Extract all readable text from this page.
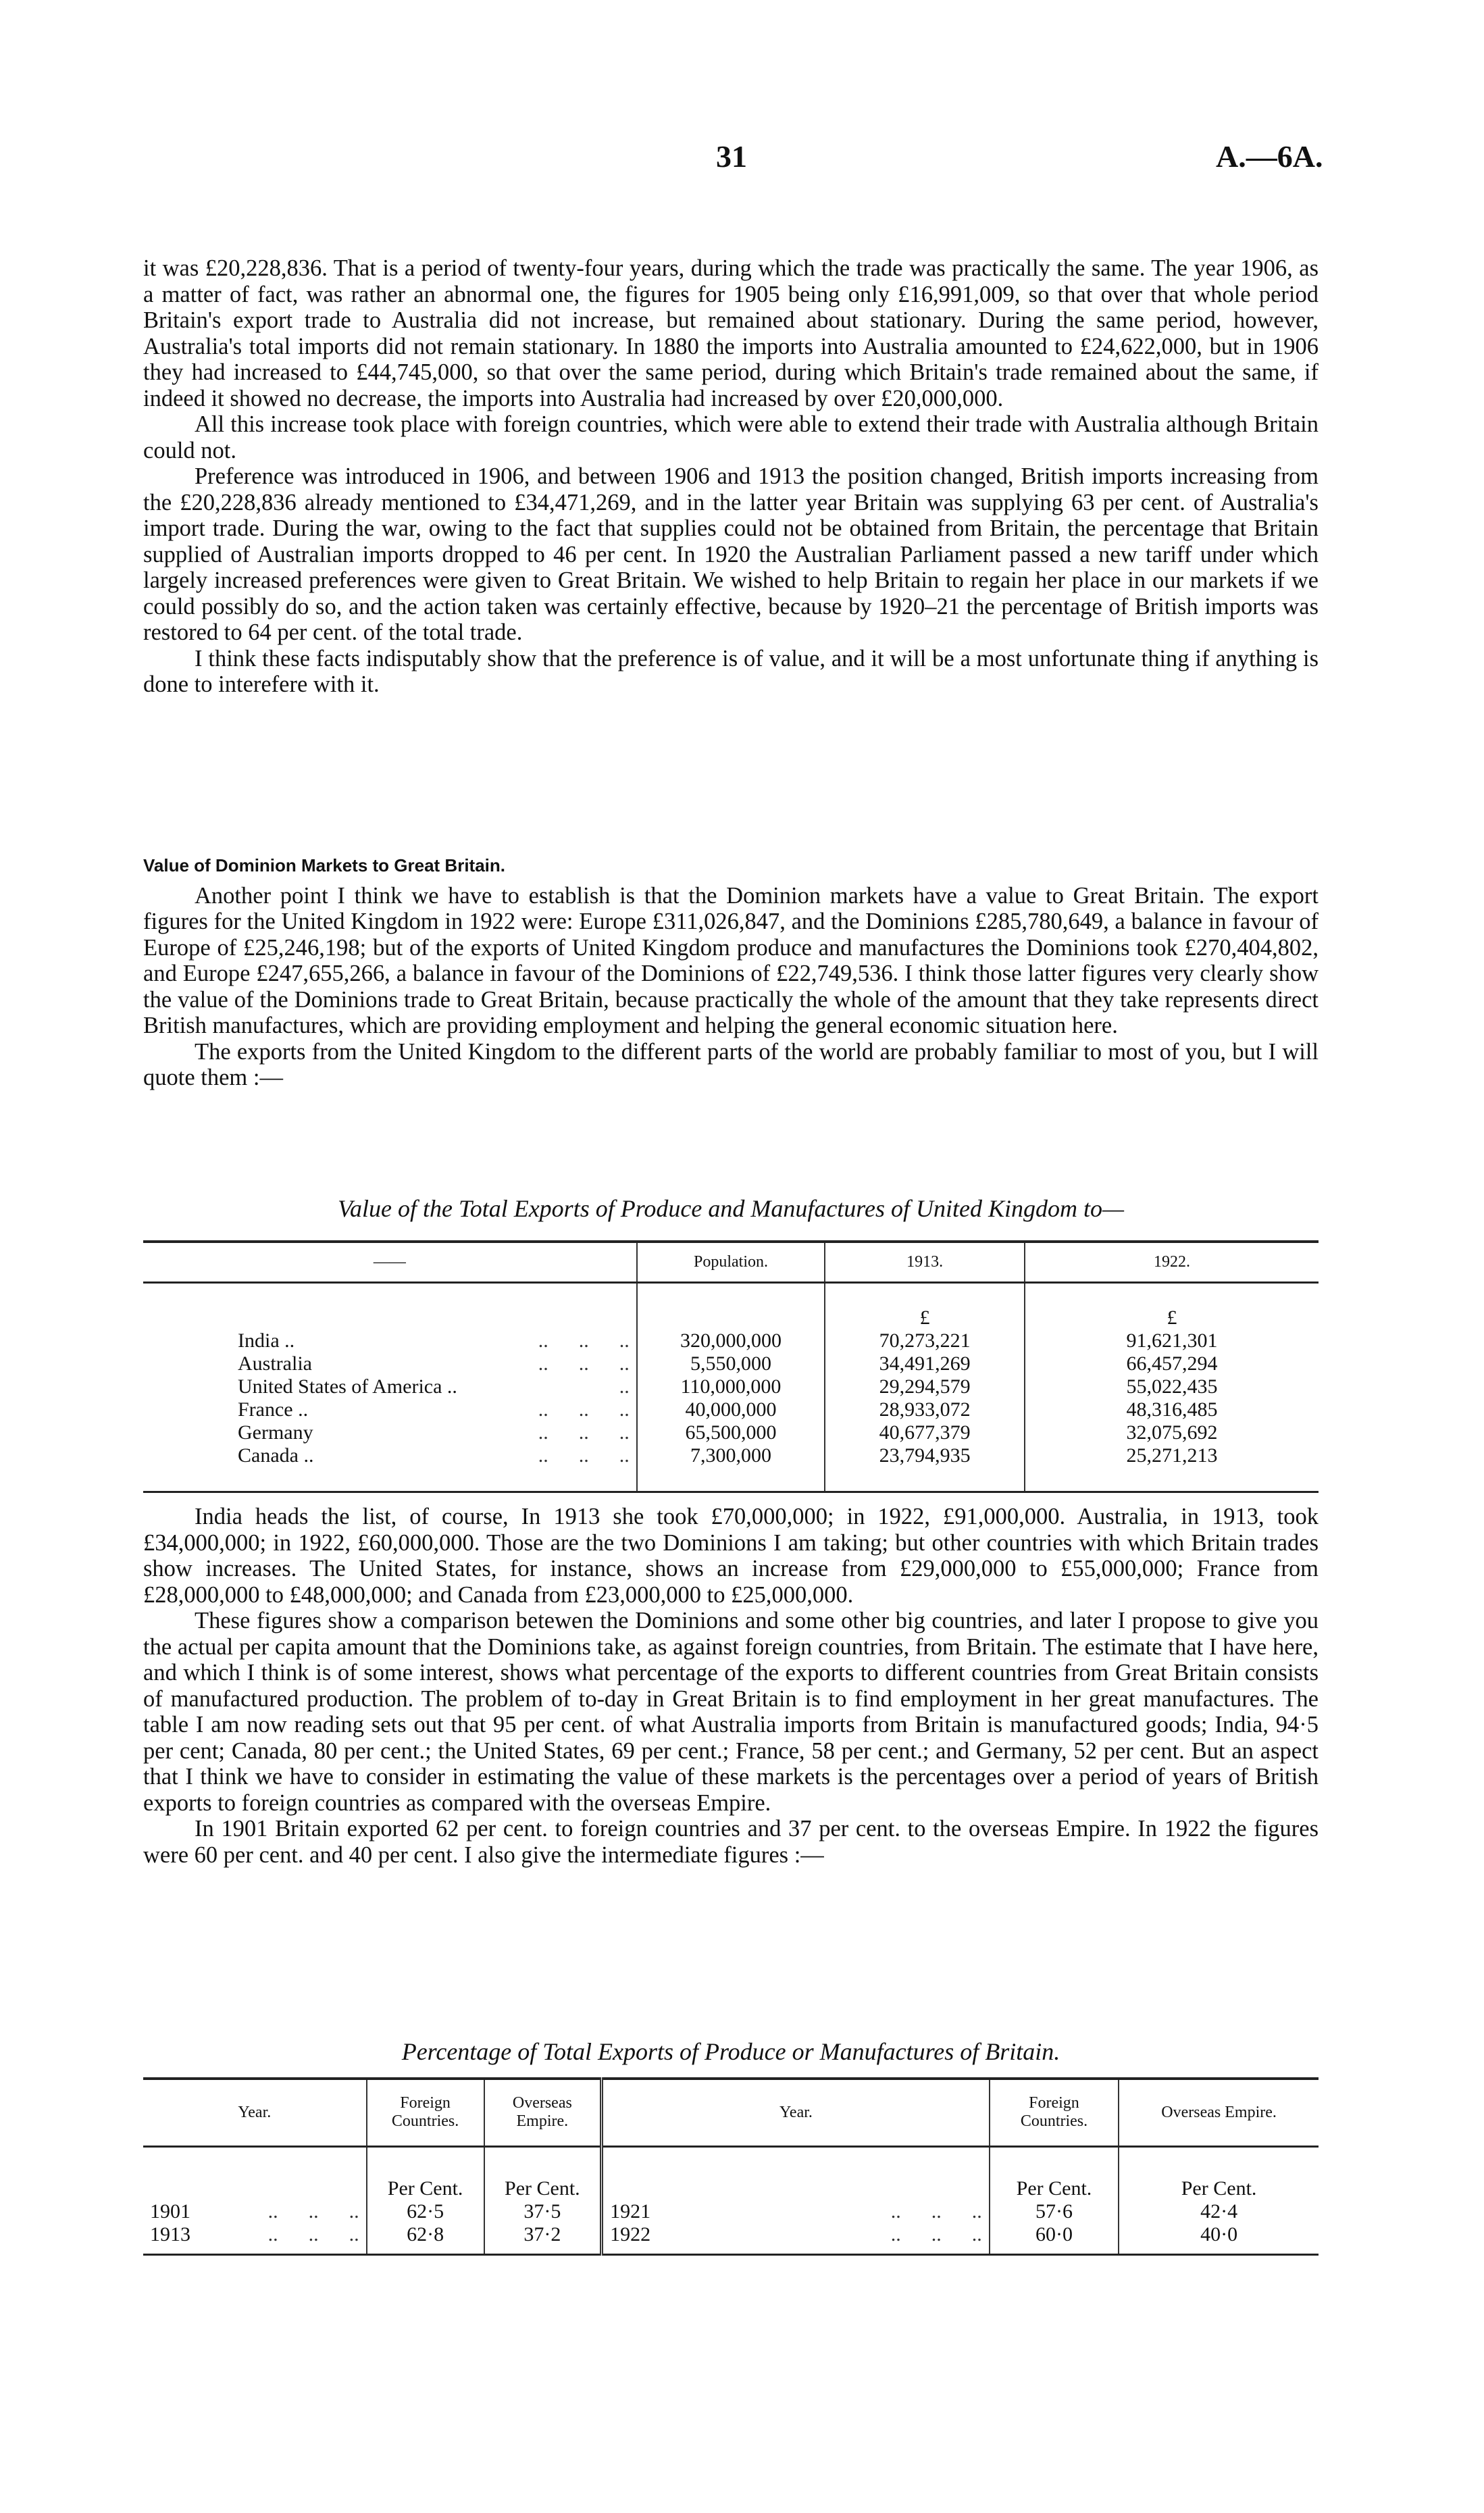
31	A.—6A.

it was £20,228,836. That is a period of twenty-four years, during which the trade was practically the same. The year 1906, as a matter of fact, was rather an abnormal one, the figures for 1905 being only £16,991,009, so that over that whole period Britain's export trade to Australia did not increase, but remained about stationary. During the same period, however, Australia's total imports did not remain stationary. In 1880 the imports into Australia amounted to £24,622,000, but in 1906 they had increased to £44,745,000, so that over the same period, during which Britain's trade remained about the same, if indeed it showed no decrease, the imports into Australia had increased by over £20,000,000.

All this increase took place with foreign countries, which were able to extend their trade with Australia although Britain could not.

Preference was introduced in 1906, and between 1906 and 1913 the position changed, British imports increasing from the £20,228,836 already mentioned to £34,471,269, and in the latter year Britain was supplying 63 per cent. of Australia's import trade. During the war, owing to the fact that supplies could not be obtained from Britain, the percentage that Britain supplied of Australian imports dropped to 46 per cent. In 1920 the Australian Parliament passed a new tariff under which largely increased preferences were given to Great Britain. We wished to help Britain to regain her place in our markets if we could possibly do so, and the action taken was certainly effective, because by 1920–21 the percentage of British imports was restored to 64 per cent. of the total trade.

I think these facts indisputably show that the preference is of value, and it will be a most unfortunate thing if anything is done to interefere with it.

Value of Dominion Markets to Great Britain.

Another point I think we have to establish is that the Dominion markets have a value to Great Britain. The export figures for the United Kingdom in 1922 were: Europe £311,026,847, and the Dominions £285,780,649, a balance in favour of Europe of £25,246,198; but of the exports of United Kingdom produce and manufactures the Dominions took £270,404,802, and Europe £247,655,266, a balance in favour of the Dominions of £22,749,536. I think those latter figures very clearly show the value of the Dominions trade to Great Britain, because practically the whole of the amount that they take represents direct British manufactures, which are providing employment and helping the general economic situation here.

The exports from the United Kingdom to the different parts of the world are probably familiar to most of you, but I will quote them :—

Value of the Total Exports of Produce and Manufactures of United Kingdom to—
——	Population.	1913.	1922.
		£	£
India .. ..      ..      ..	320,000,000	70,273,221	91,621,301
Australia ..      ..      ..	5,550,000	34,491,269	66,457,294
United States of America .. ..	110,000,000	29,294,579	55,022,435
France .. ..      ..      ..	40,000,000	28,933,072	48,316,485
Germany ..      ..      ..	65,500,000	40,677,379	32,075,692
Canada .. ..      ..      ..	7,300,000	23,794,935	25,271,213

India heads the list, of course, In 1913 she took £70,000,000; in 1922, £91,000,000. Australia, in 1913, took £34,000,000; in 1922, £60,000,000. Those are the two Dominions I am taking; but other countries with which Britain trades show increases. The United States, for instance, shows an increase from £29,000,000 to £55,000,000; France from £28,000,000 to £48,000,000; and Canada from £23,000,000 to £25,000,000.

These figures show a comparison betewen the Dominions and some other big countries, and later I propose to give you the actual per capita amount that the Dominions take, as against foreign countries, from Britain. The estimate that I have here, and which I think is of some interest, shows what percentage of the exports to different countries from Great Britain consists of manufactured production. The problem of to-day in Great Britain is to find employment in her great manufactures. The table I am now reading sets out that 95 per cent. of what Australia imports from Britain is manufactured goods; India, 94·5 per cent; Canada, 80 per cent.; the United States, 69 per cent.; France, 58 per cent.; and Germany, 52 per cent. But an aspect that I think we have to consider in estimating the value of these markets is the percentages over a period of years of British exports to foreign countries as compared with the overseas Empire.

In 1901 Britain exported 62 per cent. to foreign countries and 37 per cent. to the overseas Empire. In 1922 the figures were 60 per cent. and 40 per cent. I also give the intermediate figures :—

Percentage of Total Exports of Produce or Manufactures of Britain.
Year.	Foreign Countries.	Overseas Empire.	Year.	Foreign Countries.	Overseas Empire.
	Per Cent.	Per Cent.		Per Cent.	Per Cent.
1901 ..      ..      ..	62·5	37·5	1921 ..      ..      ..	57·6	42·4
1913 ..      ..      ..	62·8	37·2	1922 ..      ..      ..	60·0	40·0
